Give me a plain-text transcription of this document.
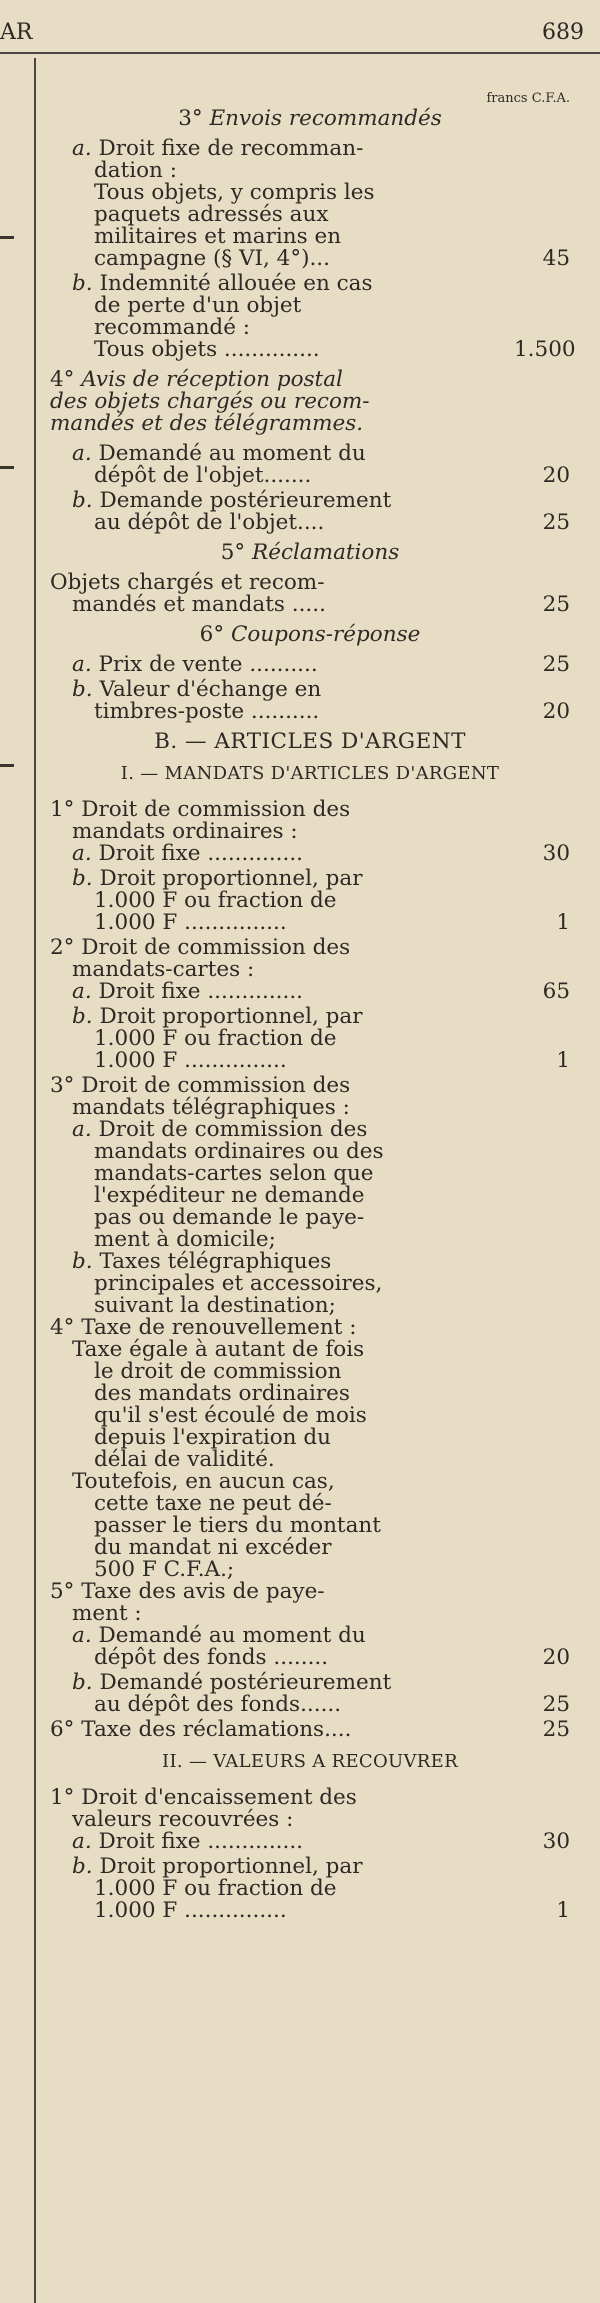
AR	689
francs C.F.A.
3° Envois recommandés
a. Droit fixe de recomman-
dation :
Tous objets, y compris les
paquets adressés aux
militaires et marins en
campagne (§ VI, 4°)...	45
b. Indemnité allouée en cas
de perte d'un objet
recommandé :
Tous objets ..............	1.500
4° Avis de réception postal
des objets chargés ou recom-
mandés et des télégrammes.
a. Demandé au moment du
dépôt de l'objet.......	20
b. Demande postérieurement
au dépôt de l'objet....	25
5° Réclamations
Objets chargés et recom-
mandés et mandats .....	25
6° Coupons-réponse
a. Prix de vente ..........	25
b. Valeur d'échange en
timbres-poste ..........	20
B. — ARTICLES D'ARGENT
I. — MANDATS D'ARTICLES D'ARGENT
1° Droit de commission des
mandats ordinaires :
a. Droit fixe ..............	30
b. Droit proportionnel, par
1.000 F ou fraction de
1.000 F ...............	1
2° Droit de commission des
mandats-cartes :
a. Droit fixe ..............	65
b. Droit proportionnel, par
1.000 F ou fraction de
1.000 F ...............	1
3° Droit de commission des
mandats télégraphiques :
a. Droit de commission des
mandats ordinaires ou des
mandats-cartes selon que
l'expéditeur ne demande
pas ou demande le paye-
ment à domicile;
b. Taxes télégraphiques
principales et accessoires,
suivant la destination;
4° Taxe de renouvellement :
Taxe égale à autant de fois
le droit de commission
des mandats ordinaires
qu'il s'est écoulé de mois
depuis l'expiration du
délai de validité.
Toutefois, en aucun cas,
cette taxe ne peut dé-
passer le tiers du montant
du mandat ni excéder
500 F C.F.A.;
5° Taxe des avis de paye-
ment :
a. Demandé au moment du
dépôt des fonds ........	20
b. Demandé postérieurement
au dépôt des fonds......	25
6° Taxe des réclamations....	25
II. — VALEURS A RECOUVRER
1° Droit d'encaissement des
valeurs recouvrées :
a. Droit fixe ..............	30
b. Droit proportionnel, par
1.000 F ou fraction de
1.000 F ...............	1
